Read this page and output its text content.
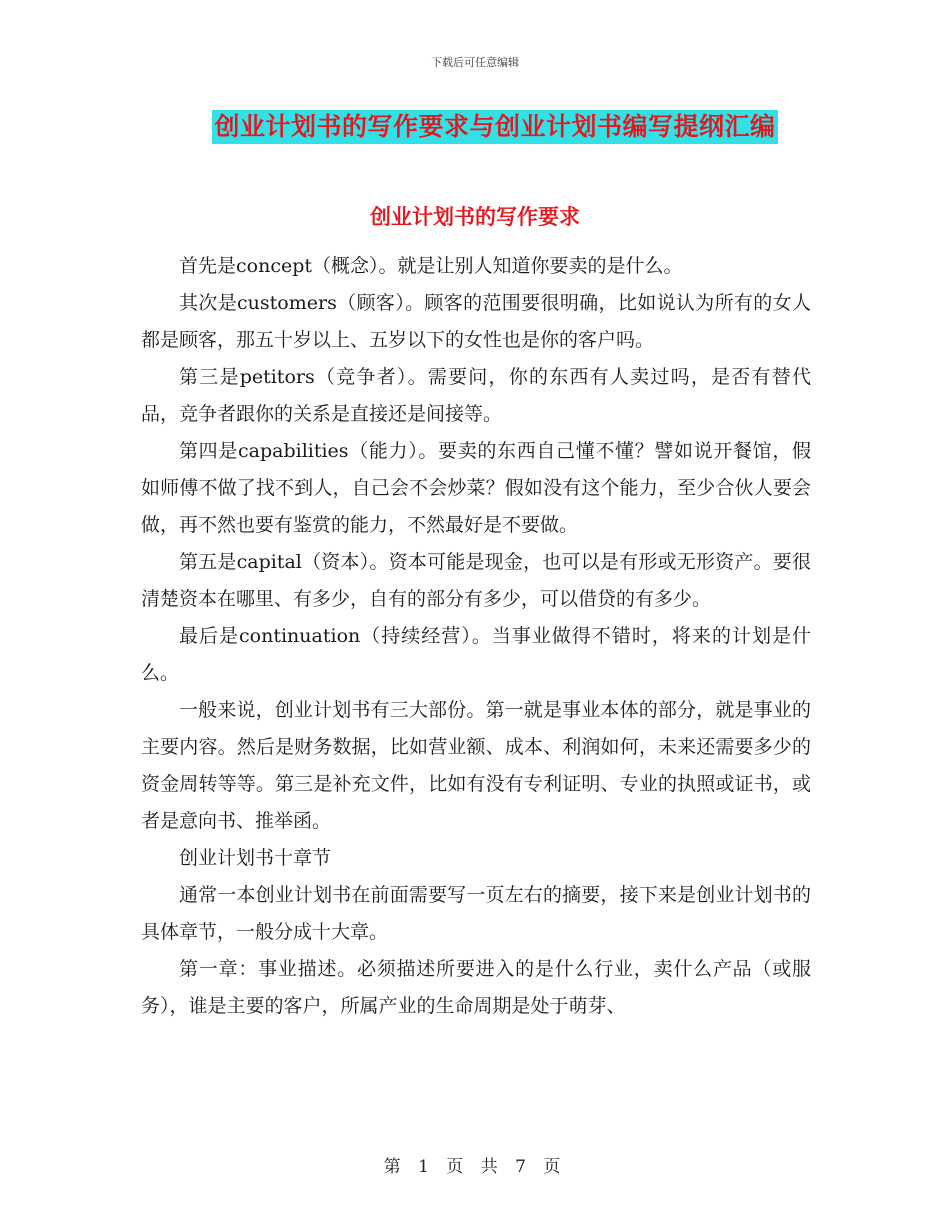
下载后可任意编辑
创业计划书的写作要求与创业计划书编写提纲汇编
创业计划书的写作要求

首先是concept（概念）。就是让别人知道你要卖的是什么。

其次是customers（顾客）。顾客的范围要很明确，比如说认为所有的女人都是顾客，那五十岁以上、五岁以下的女性也是你的客户吗。

第三是petitors（竞争者）。需要问，你的东西有人卖过吗，是否有替代品，竞争者跟你的关系是直接还是间接等。

第四是capabilities（能力）。要卖的东西自己懂不懂？譬如说开餐馆，假如师傅不做了找不到人，自己会不会炒菜？假如没有这个能力，至少合伙人要会做，再不然也要有鉴赏的能力，不然最好是不要做。

第五是capital（资本）。资本可能是现金，也可以是有形或无形资产。要很清楚资本在哪里、有多少，自有的部分有多少，可以借贷的有多少。

最后是continuation（持续经营）。当事业做得不错时，将来的计划是什么。

一般来说，创业计划书有三大部份。第一就是事业本体的部分，就是事业的主要内容。然后是财务数据，比如营业额、成本、利润如何，未来还需要多少的资金周转等等。第三是补充文件，比如有没有专利证明、专业的执照或证书，或者是意向书、推举函。

创业计划书十章节

通常一本创业计划书在前面需要写一页左右的摘要，接下来是创业计划书的具体章节，一般分成十大章。

第一章：事业描述。必须描述所要进入的是什么行业，卖什么产品（或服务），谁是主要的客户，所属产业的生命周期是处于萌芽、

第 1 页 共 7 页
